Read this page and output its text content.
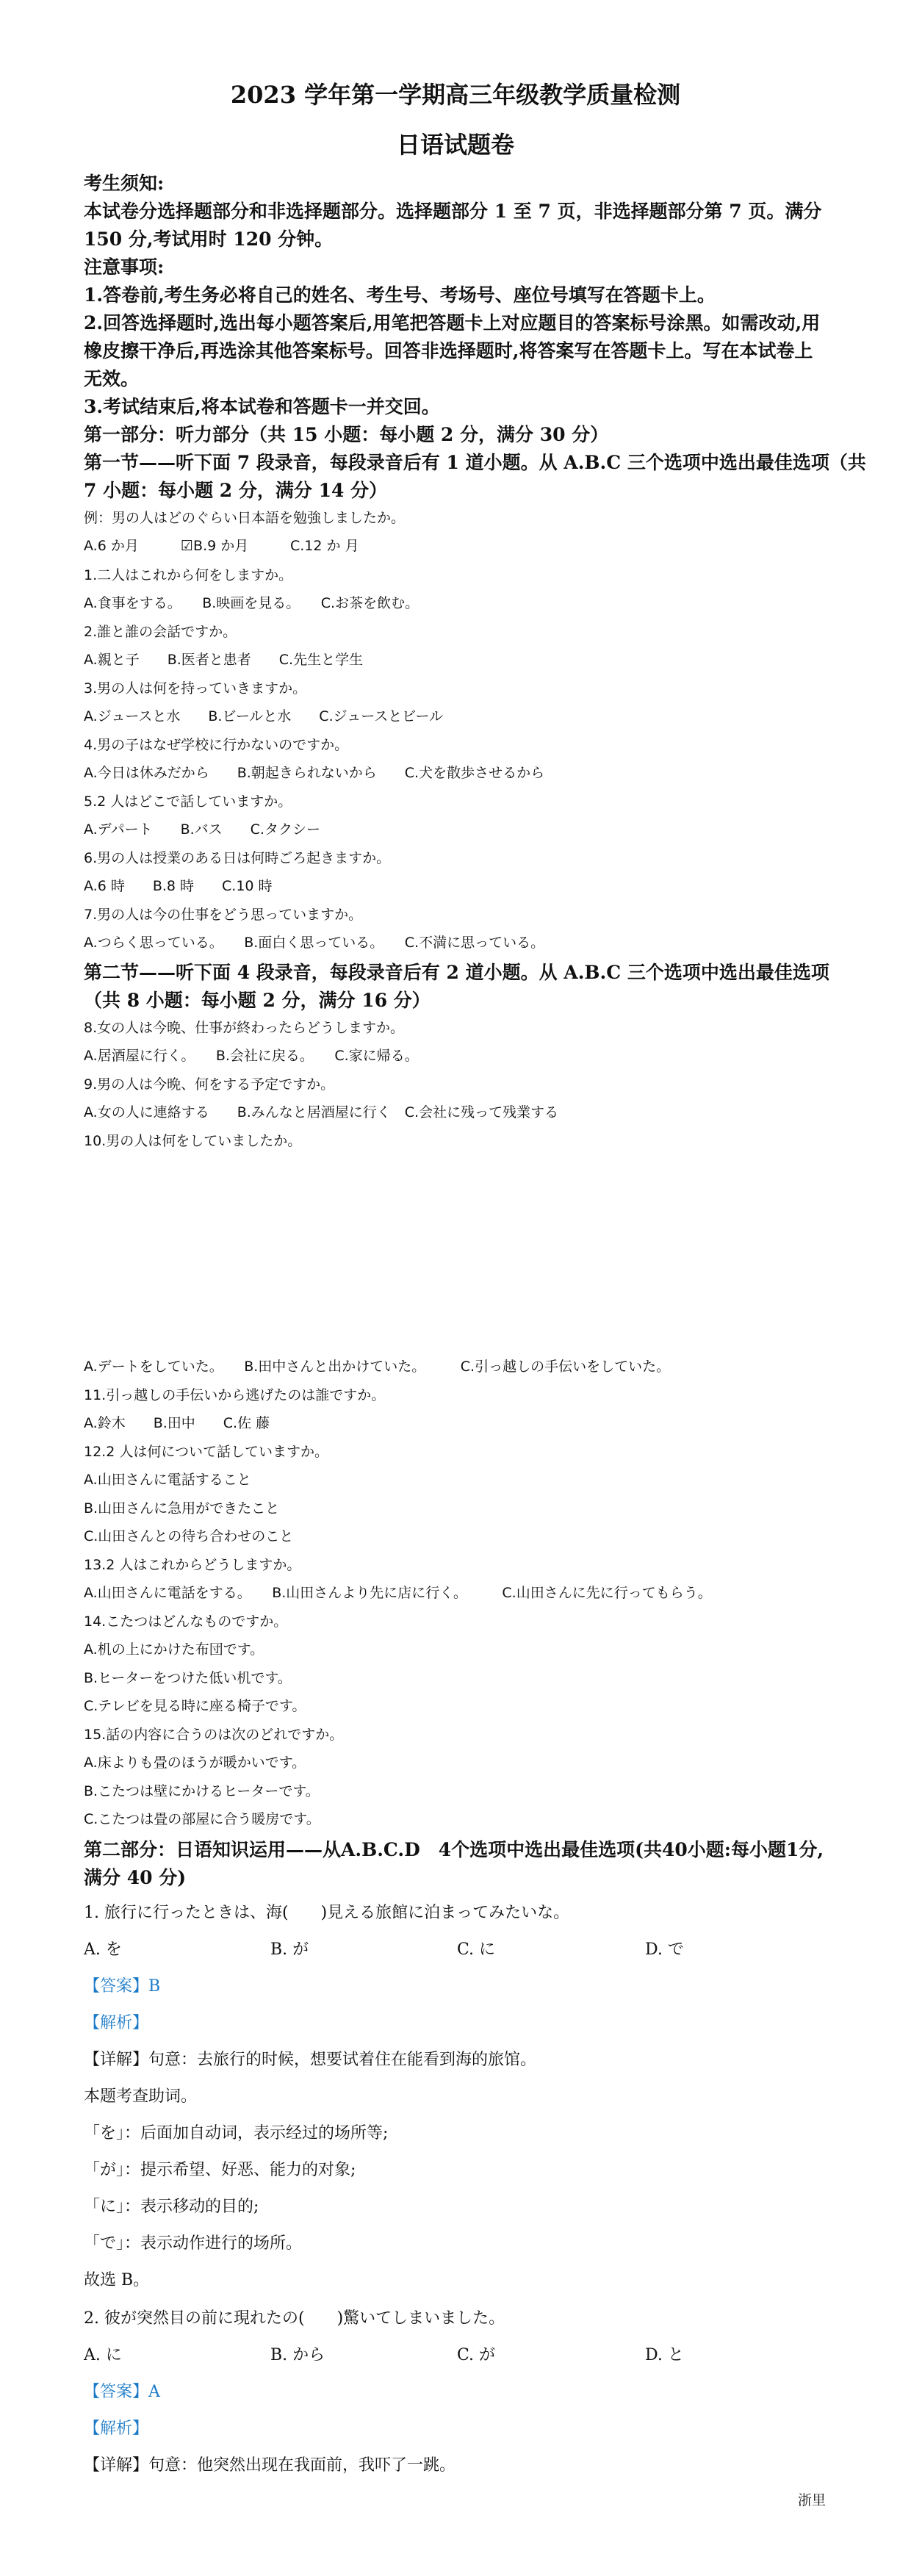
2023 学年第一学期高三年级教学质量检测
日语试题卷
考生须知:
本试卷分选择题部分和非选择题部分。选择题部分 1 至 7 页，非选择题部分第 7 页。满分
150 分,考试用时 120 分钟。
注意事项:
1.答卷前,考生务必将自己的姓名、考生号、考场号、座位号填写在答题卡上。
2.回答选择题时,选出每小题答案后,用笔把答题卡上对应题目的答案标号涂黑。如需改动,用
橡皮擦干净后,再选涂其他答案标号。回答非选择题时,将答案写在答题卡上。写在本试卷上
无效。
3.考试结束后,将本试卷和答题卡一并交回。
第一部分：听力部分（共 15 小题：每小题 2 分，满分 30 分）
第一节——听下面 7 段录音，每段录音后有 1 道小题。从 A.B.C 三个选项中选出最佳选项（共
7 小题：每小题 2 分，满分 14 分）
例：男の人はどのぐらい日本語を勉強しましたか。
A.6 か月	☑B.9 か月	C.12 か 月
1.二人はこれから何をしますか。
A.食事をする。　　B.映画を見る。　　C.お茶を飲む。
2.誰と誰の会話ですか。
A.親と子　　B.医者と患者　　C.先生と学生
3.男の人は何を持っていきますか。
A.ジュースと水　　B.ビールと水　　C.ジュースとビール
4.男の子はなぜ学校に行かないのですか。
A.今日は休みだから　　B.朝起きられないから　　C.犬を散歩させるから
5.2 人はどこで話していますか。
A.デパート　　B.バス　　C.タクシー
6.男の人は授業のある日は何時ごろ起きますか。
A.6 時　　B.8 時　　C.10 時
7.男の人は今の仕事をどう思っていますか。
A.つらく思っている。　　B.面白く思っている。　　C.不満に思っている。
第二节——听下面 4 段录音，每段录音后有 2 道小题。从 A.B.C 三个选项中选出最佳选项
（共 8 小题：每小题 2 分，满分 16 分）
8.女の人は今晩、仕事が終わったらどうしますか。
A.居酒屋に行く。　　B.会社に戻る。　　C.家に帰る。
9.男の人は今晩、何をする予定ですか。
A.女の人に連絡する　　B.みんなと居酒屋に行く　C.会社に残って残業する
10.男の人は何をしていましたか。
A.デートをしていた。　　B.田中さんと出かけていた。　　　C.引っ越しの手伝いをしていた。
11.引っ越しの手伝いから逃げたのは誰ですか。
A.鈴木　　B.田中　　C.佐 藤
12.2 人は何について話していますか。
A.山田さんに電話すること
B.山田さんに急用ができたこと
C.山田さんとの待ち合わせのこと
13.2 人はこれからどうしますか。
A.山田さんに電話をする。　　B.山田さんより先に店に行く。　　　C.山田さんに先に行ってもらう。
14.こたつはどんなものですか。
A.机の上にかけた布団です。
B.ヒーターをつけた低い机です。
C.テレビを見る時に座る椅子です。
15.話の内容に合うのは次のどれですか。
A.床よりも畳のほうが暖かいです。
B.こたつは壁にかけるヒーターです。
C.こたつは畳の部屋に合う暖房です。
第二部分：日语知识运用——从A.B.C.D　4个选项中选出最佳选项(共40小题:每小题1分,
满分 40 分)
1. 旅行に行ったときは、海(　　)見える旅館に泊まってみたいな。
A. を	B. が	C. に	D. で
【答案】B
【解析】
【详解】句意：去旅行的时候，想要试着住在能看到海的旅馆。
本题考查助词。
「を」：后面加自动词，表示经过的场所等;
「が」：提示希望、好恶、能力的对象;
「に」：表示移动的目的;
「で」：表示动作进行的场所。
故选 B。
2. 彼が突然目の前に現れたの(　　)驚いてしまいました。
A. に	B. から	C. が	D. と
【答案】A
【解析】
【详解】句意：他突然出现在我面前，我吓了一跳。
浙里
